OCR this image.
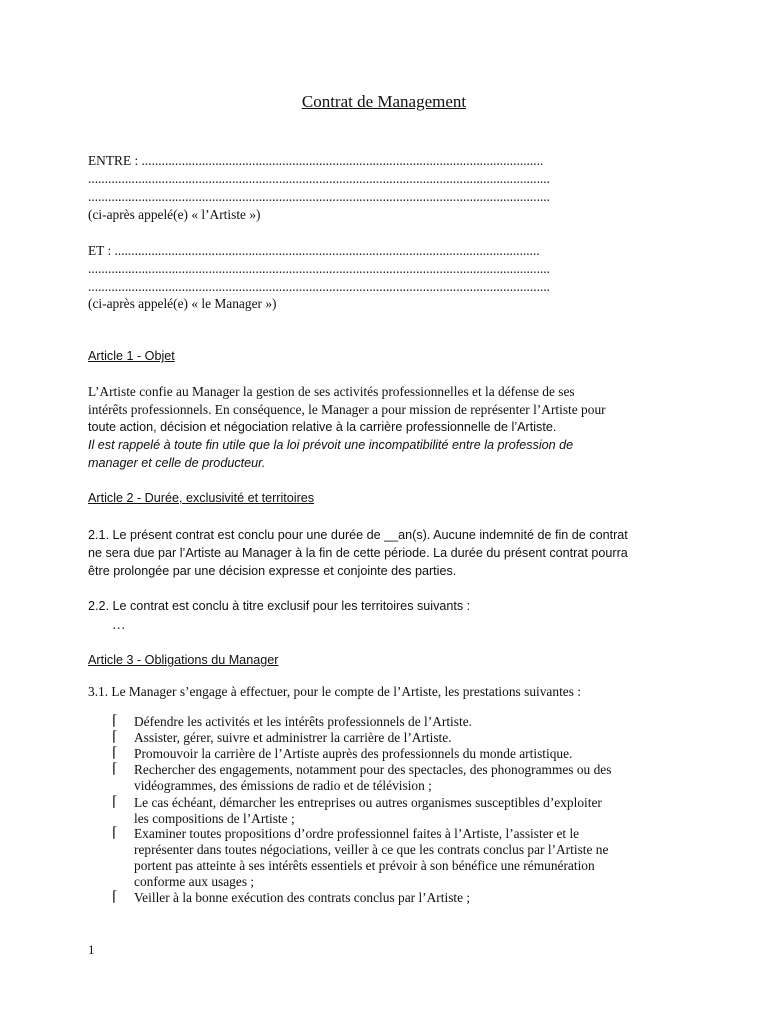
Contrat de Management
ENTRE : ........................................................................................................................
..........................................................................................................................................
..........................................................................................................................................
(ci-après appelé(e) « l’Artiste »)
ET : ...............................................................................................................................
..........................................................................................................................................
..........................................................................................................................................
(ci-après appelé(e) « le Manager »)
Article 1 - Objet
L’Artiste confie au Manager la gestion de ses activités professionnelles et la défense de ses
intérêts professionnels. En conséquence, le Manager a pour mission de représenter l’Artiste pour
toute action, décision et négociation relative à la carrière professionnelle de l’Artiste.
Il est rappelé à toute fin utile que la loi prévoit une incompatibilité entre la profession de
manager et celle de producteur.
Article 2 - Durée, exclusivité et territoires
2.1. Le présent contrat est conclu pour une durée de __an(s). Aucune indemnité de fin de contrat
ne sera due par l’Artiste au Manager à la fin de cette période. La durée du présent contrat pourra
être prolongée par une décision expresse et conjointe des parties.
2.2. Le contrat est conclu à titre exclusif pour les territoires suivants :
…
Article 3 - Obligations du Manager
3.1. Le Manager s’engage à effectuer, pour le compte de l’Artiste, les prestations suivantes :
⌈ Défendre les activités et les intérêts professionnels de l’Artiste.
⌈ Assister, gérer, suivre et administrer la carrière de l’Artiste.
⌈ Promouvoir la carrière de l’Artiste auprès des professionnels du monde artistique.
⌈ Rechercher des engagements, notamment pour des spectacles, des phonogrammes ou des
vidéogrammes, des émissions de radio et de télévision ;
⌈ Le cas échéant, démarcher les entreprises ou autres organismes susceptibles d’exploiter
les compositions de l’Artiste ;
⌈ Examiner toutes propositions d’ordre professionnel faites à l’Artiste, l’assister et le
représenter dans toutes négociations, veiller à ce que les contrats conclus par l’Artiste ne
portent pas atteinte à ses intérêts essentiels et prévoir à son bénéfice une rémunération
conforme aux usages ;
⌈ Veiller à la bonne exécution des contrats conclus par l’Artiste ;
1
